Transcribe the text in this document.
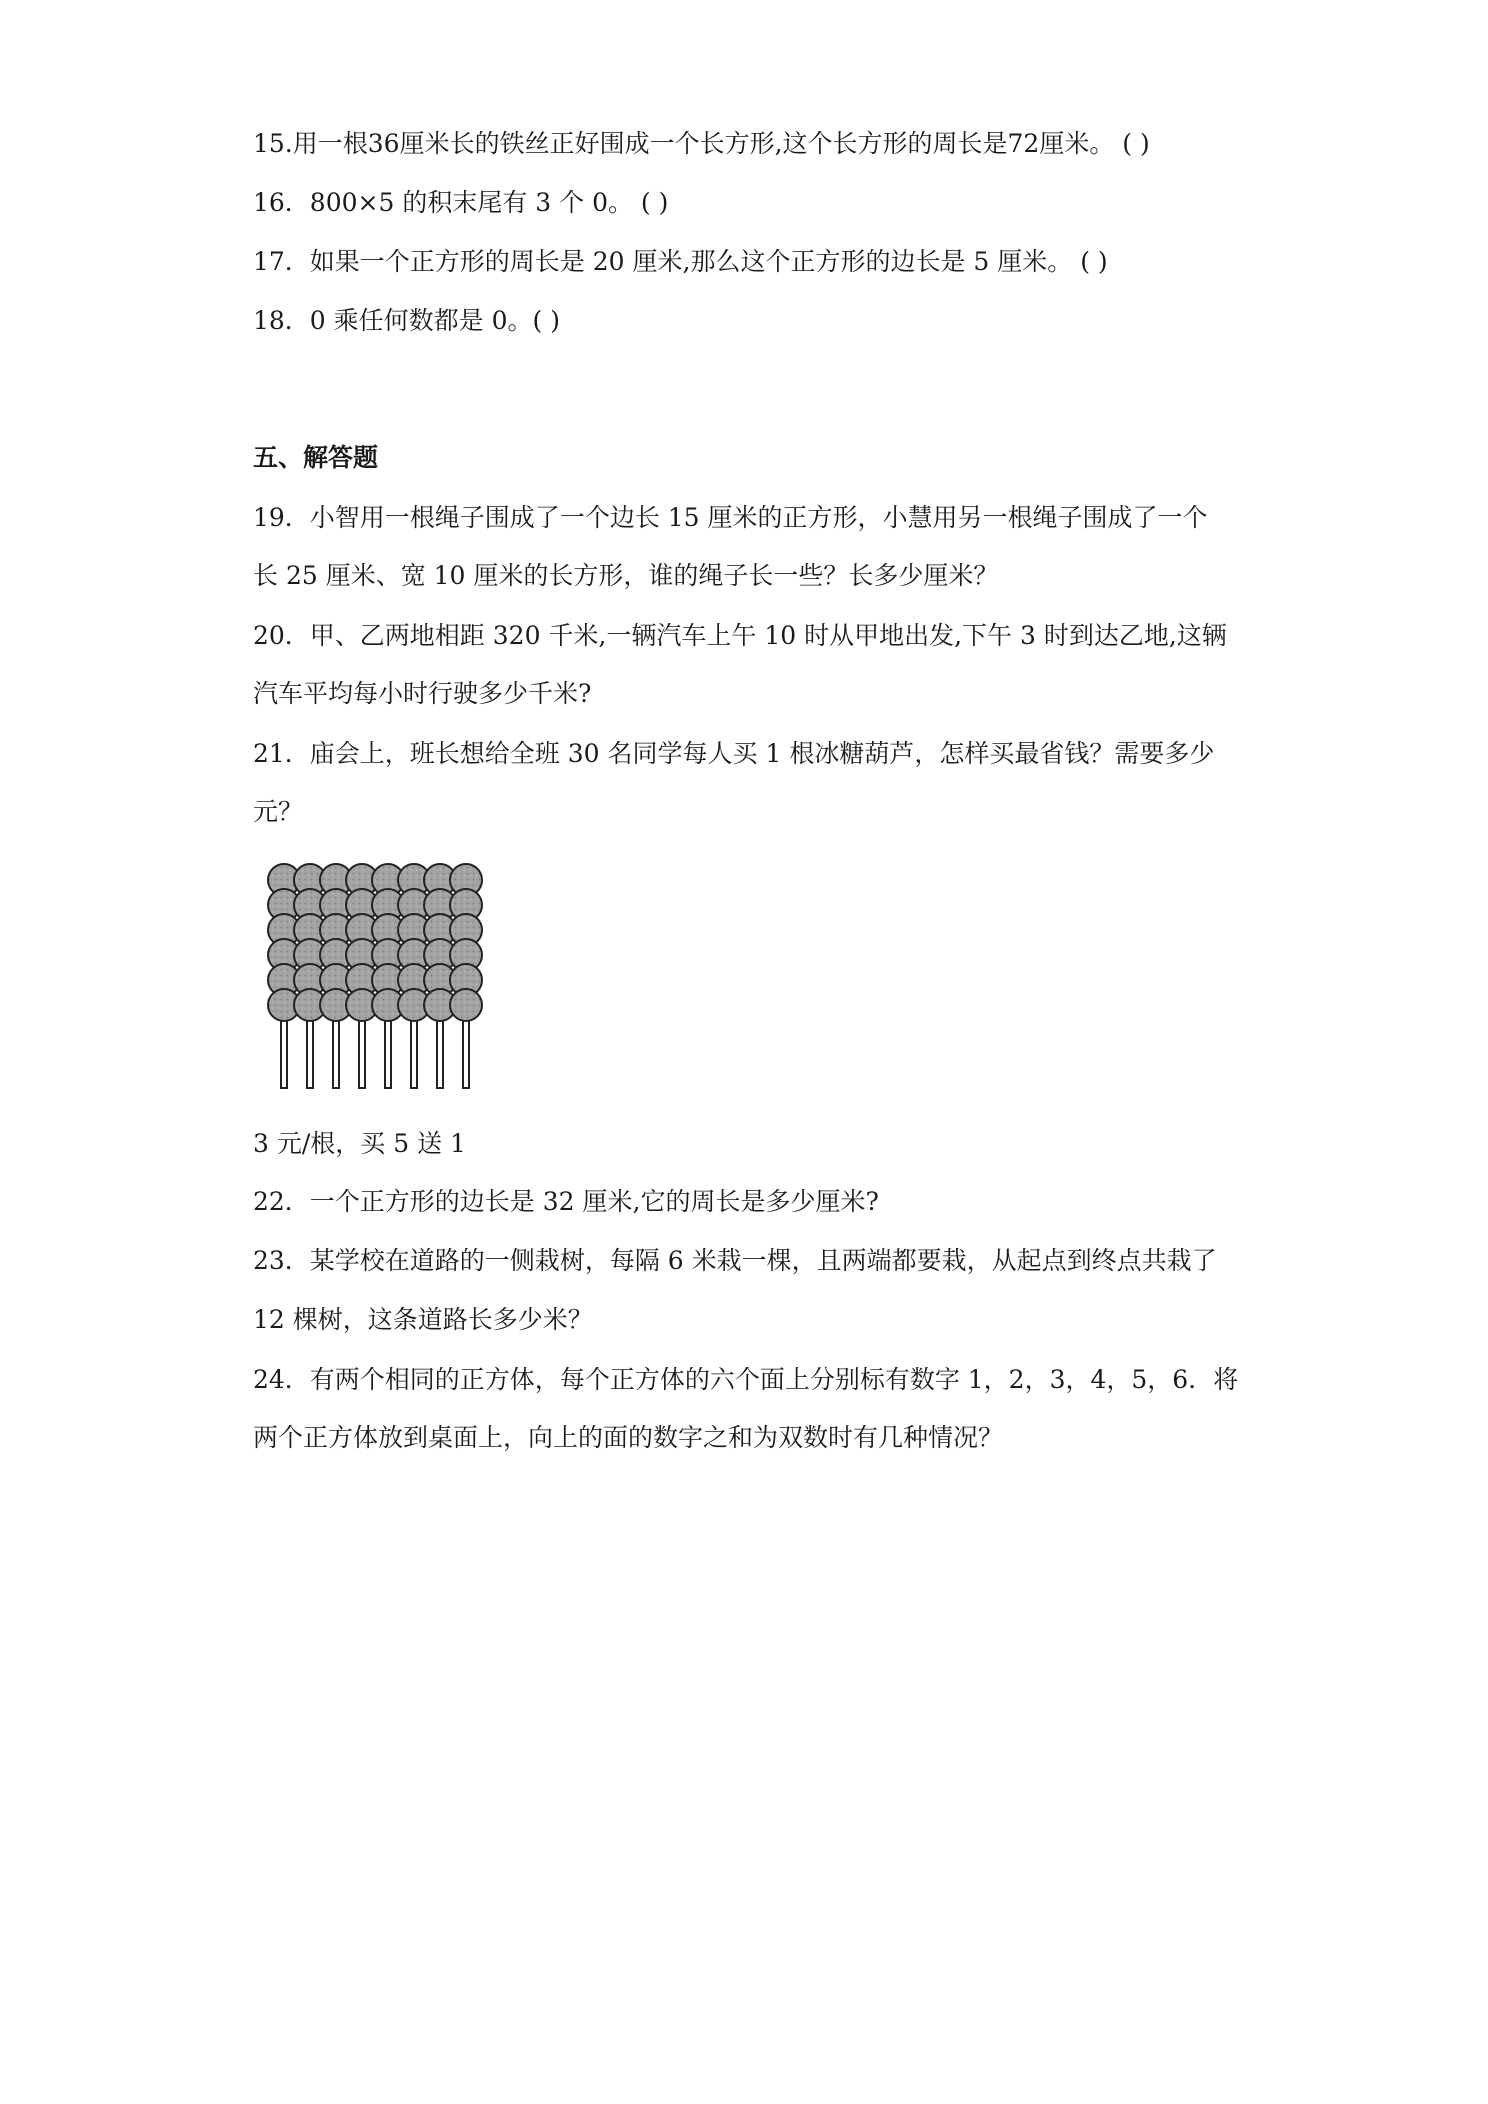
15.用一根36厘米长的铁丝正好围成一个长方形,这个长方形的周长是72厘米。 ( )
16．800×5 的积末尾有 3 个 0。 ( )
17．如果一个正方形的周长是 20 厘米,那么这个正方形的边长是 5 厘米。 ( )
18．0 乘任何数都是 0。( )
五、解答题
19．小智用一根绳子围成了一个边长 15 厘米的正方形，小慧用另一根绳子围成了一个
长 25 厘米、宽 10 厘米的长方形，谁的绳子长一些？长多少厘米？
20．甲、乙两地相距 320 千米,一辆汽车上午 10 时从甲地出发,下午 3 时到达乙地,这辆
汽车平均每小时行驶多少千米?
21．庙会上，班长想给全班 30 名同学每人买 1 根冰糖葫芦，怎样买最省钱？需要多少
元？
3 元/根，买 5 送 1
22．一个正方形的边长是 32 厘米,它的周长是多少厘米?
23．某学校在道路的一侧栽树，每隔 6 米栽一棵，且两端都要栽，从起点到终点共栽了
12 棵树，这条道路长多少米？
24．有两个相同的正方体，每个正方体的六个面上分别标有数字 1，2，3，4，5，6．将
两个正方体放到桌面上，向上的面的数字之和为双数时有几种情况？
